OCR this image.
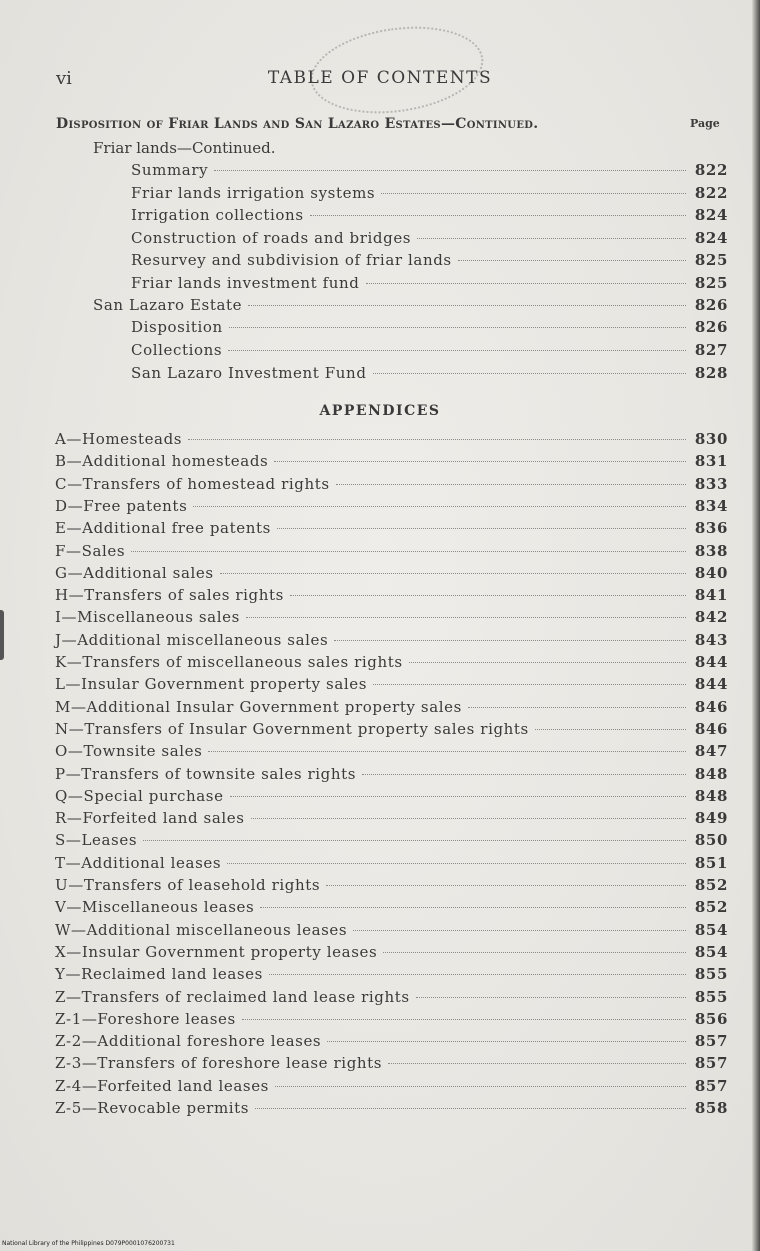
vi	TABLE OF CONTENTS
Disposition of Friar Lands and San Lazaro Estates—Continued.	Page
Friar lands—Continued.
Summary	822
Friar lands irrigation systems	822
Irrigation collections	824
Construction of roads and bridges	824
Resurvey and subdivision of friar lands	825
Friar lands investment fund	825
San Lazaro Estate	826
Disposition	826
Collections	827
San Lazaro Investment Fund	828
APPENDICES
A—Homesteads	830
B—Additional homesteads	831
C—Transfers of homestead rights	833
D—Free patents	834
E—Additional free patents	836
F—Sales	838
G—Additional sales	840
H—Transfers of sales rights	841
I—Miscellaneous sales	842
J—Additional miscellaneous sales	843
K—Transfers of miscellaneous sales rights	844
L—Insular Government property sales	844
M—Additional Insular Government property sales	846
N—Transfers of Insular Government property sales rights	846
O—Townsite sales	847
P—Transfers of townsite sales rights	848
Q—Special purchase	848
R—Forfeited land sales	849
S—Leases	850
T—Additional leases	851
U—Transfers of leasehold rights	852
V—Miscellaneous leases	852
W—Additional miscellaneous leases	854
X—Insular Government property leases	854
Y—Reclaimed land leases	855
Z—Transfers of reclaimed land lease rights	855
Z-1—Foreshore leases	856
Z-2—Additional foreshore leases	857
Z-3—Transfers of foreshore lease rights	857
Z-4—Forfeited land leases	857
Z-5—Revocable permits	858
National Library of the Philippines D079P0001076200731
